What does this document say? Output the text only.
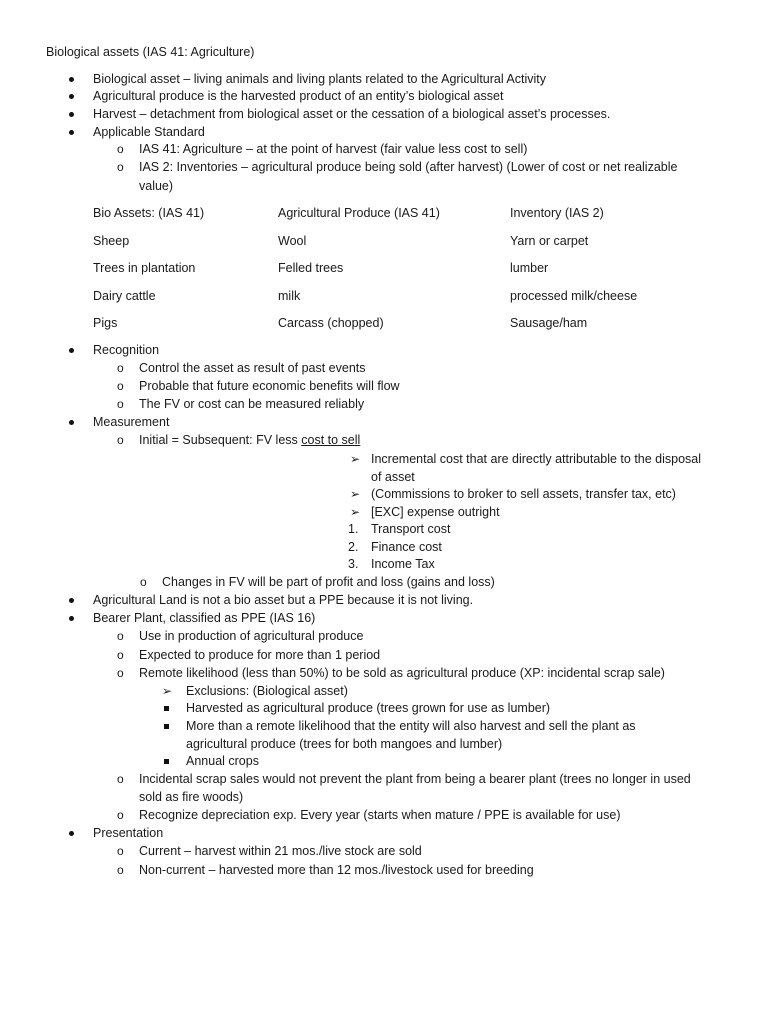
Biological assets (IAS 41: Agriculture)
Biological asset – living animals and living plants related to the Agricultural Activity
Agricultural produce is the harvested product of an entity’s biological asset
Harvest – detachment from biological asset or the cessation of a biological asset’s processes.
Applicable Standard
o IAS 41: Agriculture – at the point of harvest (fair value less cost to sell)
o IAS 2: Inventories – agricultural produce being sold (after harvest) (Lower of cost or net realizable
value)
Bio Assets: (IAS 41)	Agricultural Produce (IAS 41)	Inventory (IAS 2)
Sheep	Wool	Yarn or carpet
Trees in plantation	Felled trees	lumber
Dairy cattle	milk	processed milk/cheese
Pigs	Carcass (chopped)	Sausage/ham
Recognition
o Control the asset as result of past events
o Probable that future economic benefits will flow
o The FV or cost can be measured reliably
Measurement
o Initial = Subsequent: FV less cost to sell
➢ Incremental cost that are directly attributable to the disposal
of asset
➢ (Commissions to broker to sell assets, transfer tax, etc)
➢ [EXC] expense outright
1. Transport cost
2. Finance cost
3. Income Tax
o Changes in FV will be part of profit and loss (gains and loss)
Agricultural Land is not a bio asset but a PPE because it is not living.
Bearer Plant, classified as PPE (IAS 16)
o Use in production of agricultural produce
o Expected to produce for more than 1 period
o Remote likelihood (less than 50%) to be sold as agricultural produce (XP: incidental scrap sale)
➢ Exclusions: (Biological asset)
Harvested as agricultural produce (trees grown for use as lumber)
More than a remote likelihood that the entity will also harvest and sell the plant as
agricultural produce (trees for both mangoes and lumber)
Annual crops
o Incidental scrap sales would not prevent the plant from being a bearer plant (trees no longer in used
sold as fire woods)
o Recognize depreciation exp. Every year (starts when mature / PPE is available for use)
Presentation
o Current – harvest within 21 mos./live stock are sold
o Non-current – harvested more than 12 mos./livestock used for breeding
